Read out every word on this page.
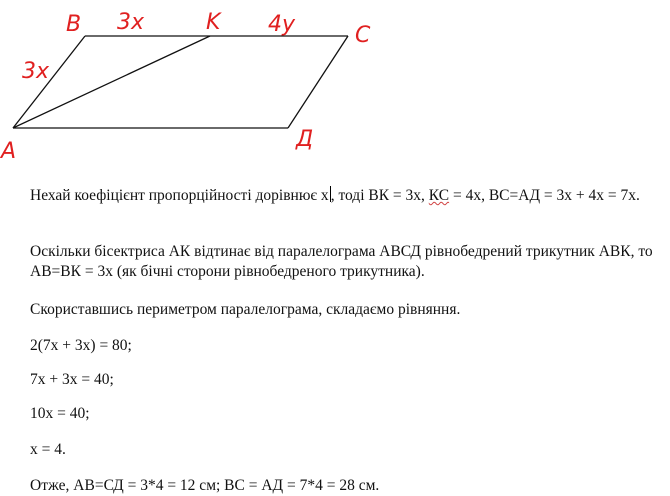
B 3x	K 4y	C
3x
A	Д

Нехай коефіцієнт пропорційності дорівнює х , тоді ВК = 3х, КС = 4х, ВС=АД = 3х + 4х = 7х.

Оскільки бісектриса АК відтинає від паралелограма АВСД рівнобедрений трикутник АВК, то АВ=ВК = 3х (як бічні сторони рівнобедреного трикутника).

Скориставшись периметром паралелограма, складаємо рівняння.

2(7х + 3х) = 80;

7х + 3х = 40;

10х = 40;

х = 4.

Отже, АВ=СД = 3*4 = 12 см; ВС = АД = 7*4 = 28 см.
